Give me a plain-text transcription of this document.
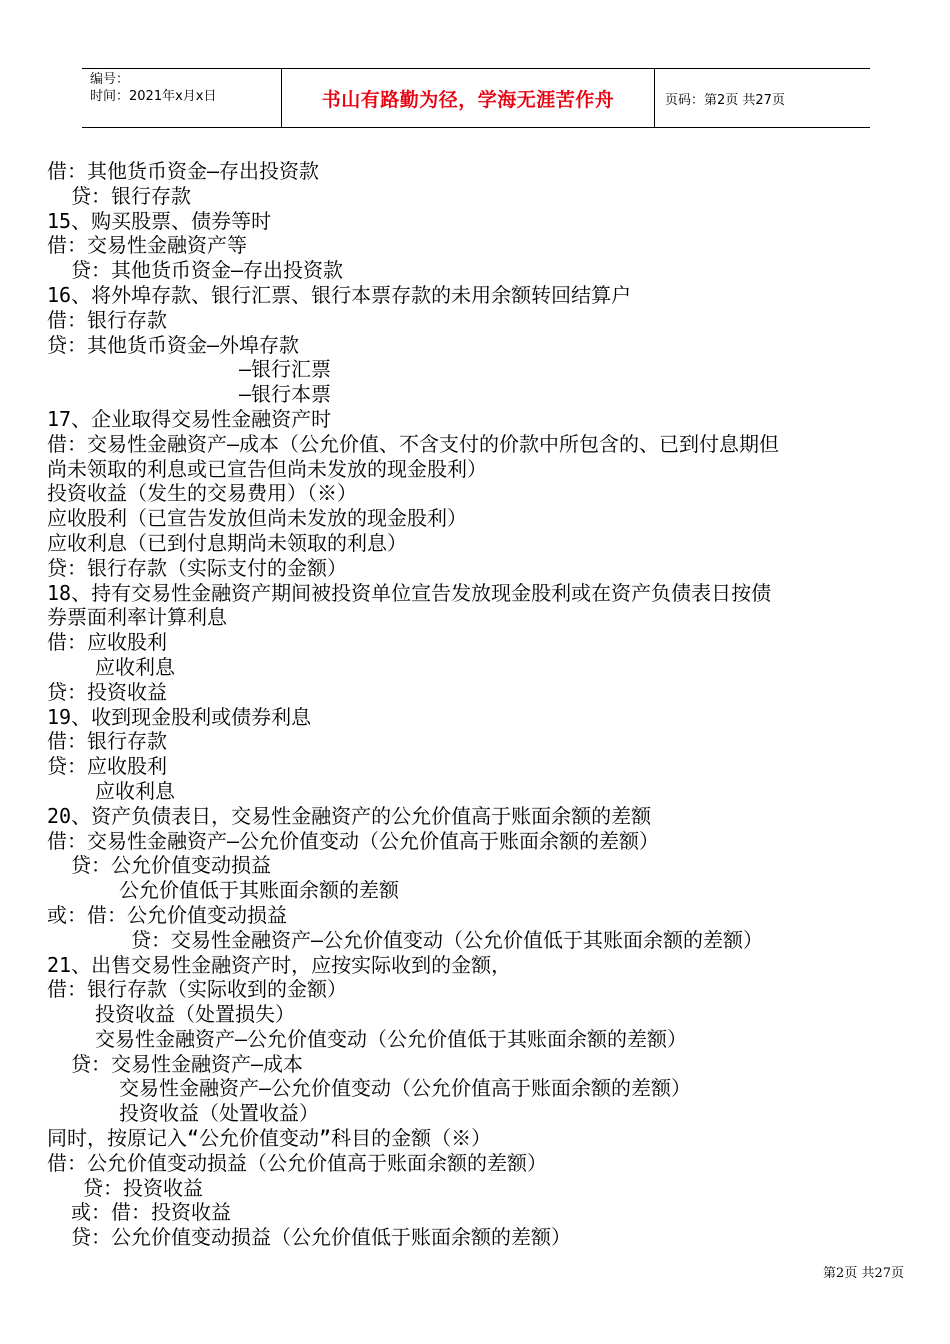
编号：
时间：2021年x月x日	书山有路勤为径，学海无涯苦作舟	页码：第2页 共27页
借：其他货币资金—存出投资款
贷：银行存款
15、购买股票、债券等时
借：交易性金融资产等
贷：其他货币资金—存出投资款
16、将外埠存款、银行汇票、银行本票存款的未用余额转回结算户
借：银行存款
贷：其他货币资金—外埠存款
—银行汇票
—银行本票
17、企业取得交易性金融资产时
借：交易性金融资产—成本（公允价值、不含支付的价款中所包含的、已到付息期但
尚未领取的利息或已宣告但尚未发放的现金股利）
投资收益（发生的交易费用）（※）
应收股利（已宣告发放但尚未发放的现金股利）
应收利息（已到付息期尚未领取的利息）
贷：银行存款（实际支付的金额）
18、持有交易性金融资产期间被投资单位宣告发放现金股利或在资产负债表日按债
券票面利率计算利息
借：应收股利
应收利息
贷：投资收益
19、收到现金股利或债券利息
借：银行存款
贷：应收股利
应收利息
20、资产负债表日，交易性金融资产的公允价值高于账面余额的差额
借：交易性金融资产—公允价值变动（公允价值高于账面余额的差额）
贷：公允价值变动损益
公允价值低于其账面余额的差额
或：借：公允价值变动损益
贷：交易性金融资产—公允价值变动（公允价值低于其账面余额的差额）
21、出售交易性金融资产时，应按实际收到的金额，
借：银行存款（实际收到的金额）
投资收益（处置损失）
交易性金融资产—公允价值变动（公允价值低于其账面余额的差额）
贷：交易性金融资产—成本
交易性金融资产—公允价值变动（公允价值高于账面余额的差额）
投资收益（处置收益）
同时，按原记入“公允价值变动”科目的金额（※）
借：公允价值变动损益（公允价值高于账面余额的差额）
贷：投资收益
或：借：投资收益
贷：公允价值变动损益（公允价值低于账面余额的差额）
第2页 共27页
